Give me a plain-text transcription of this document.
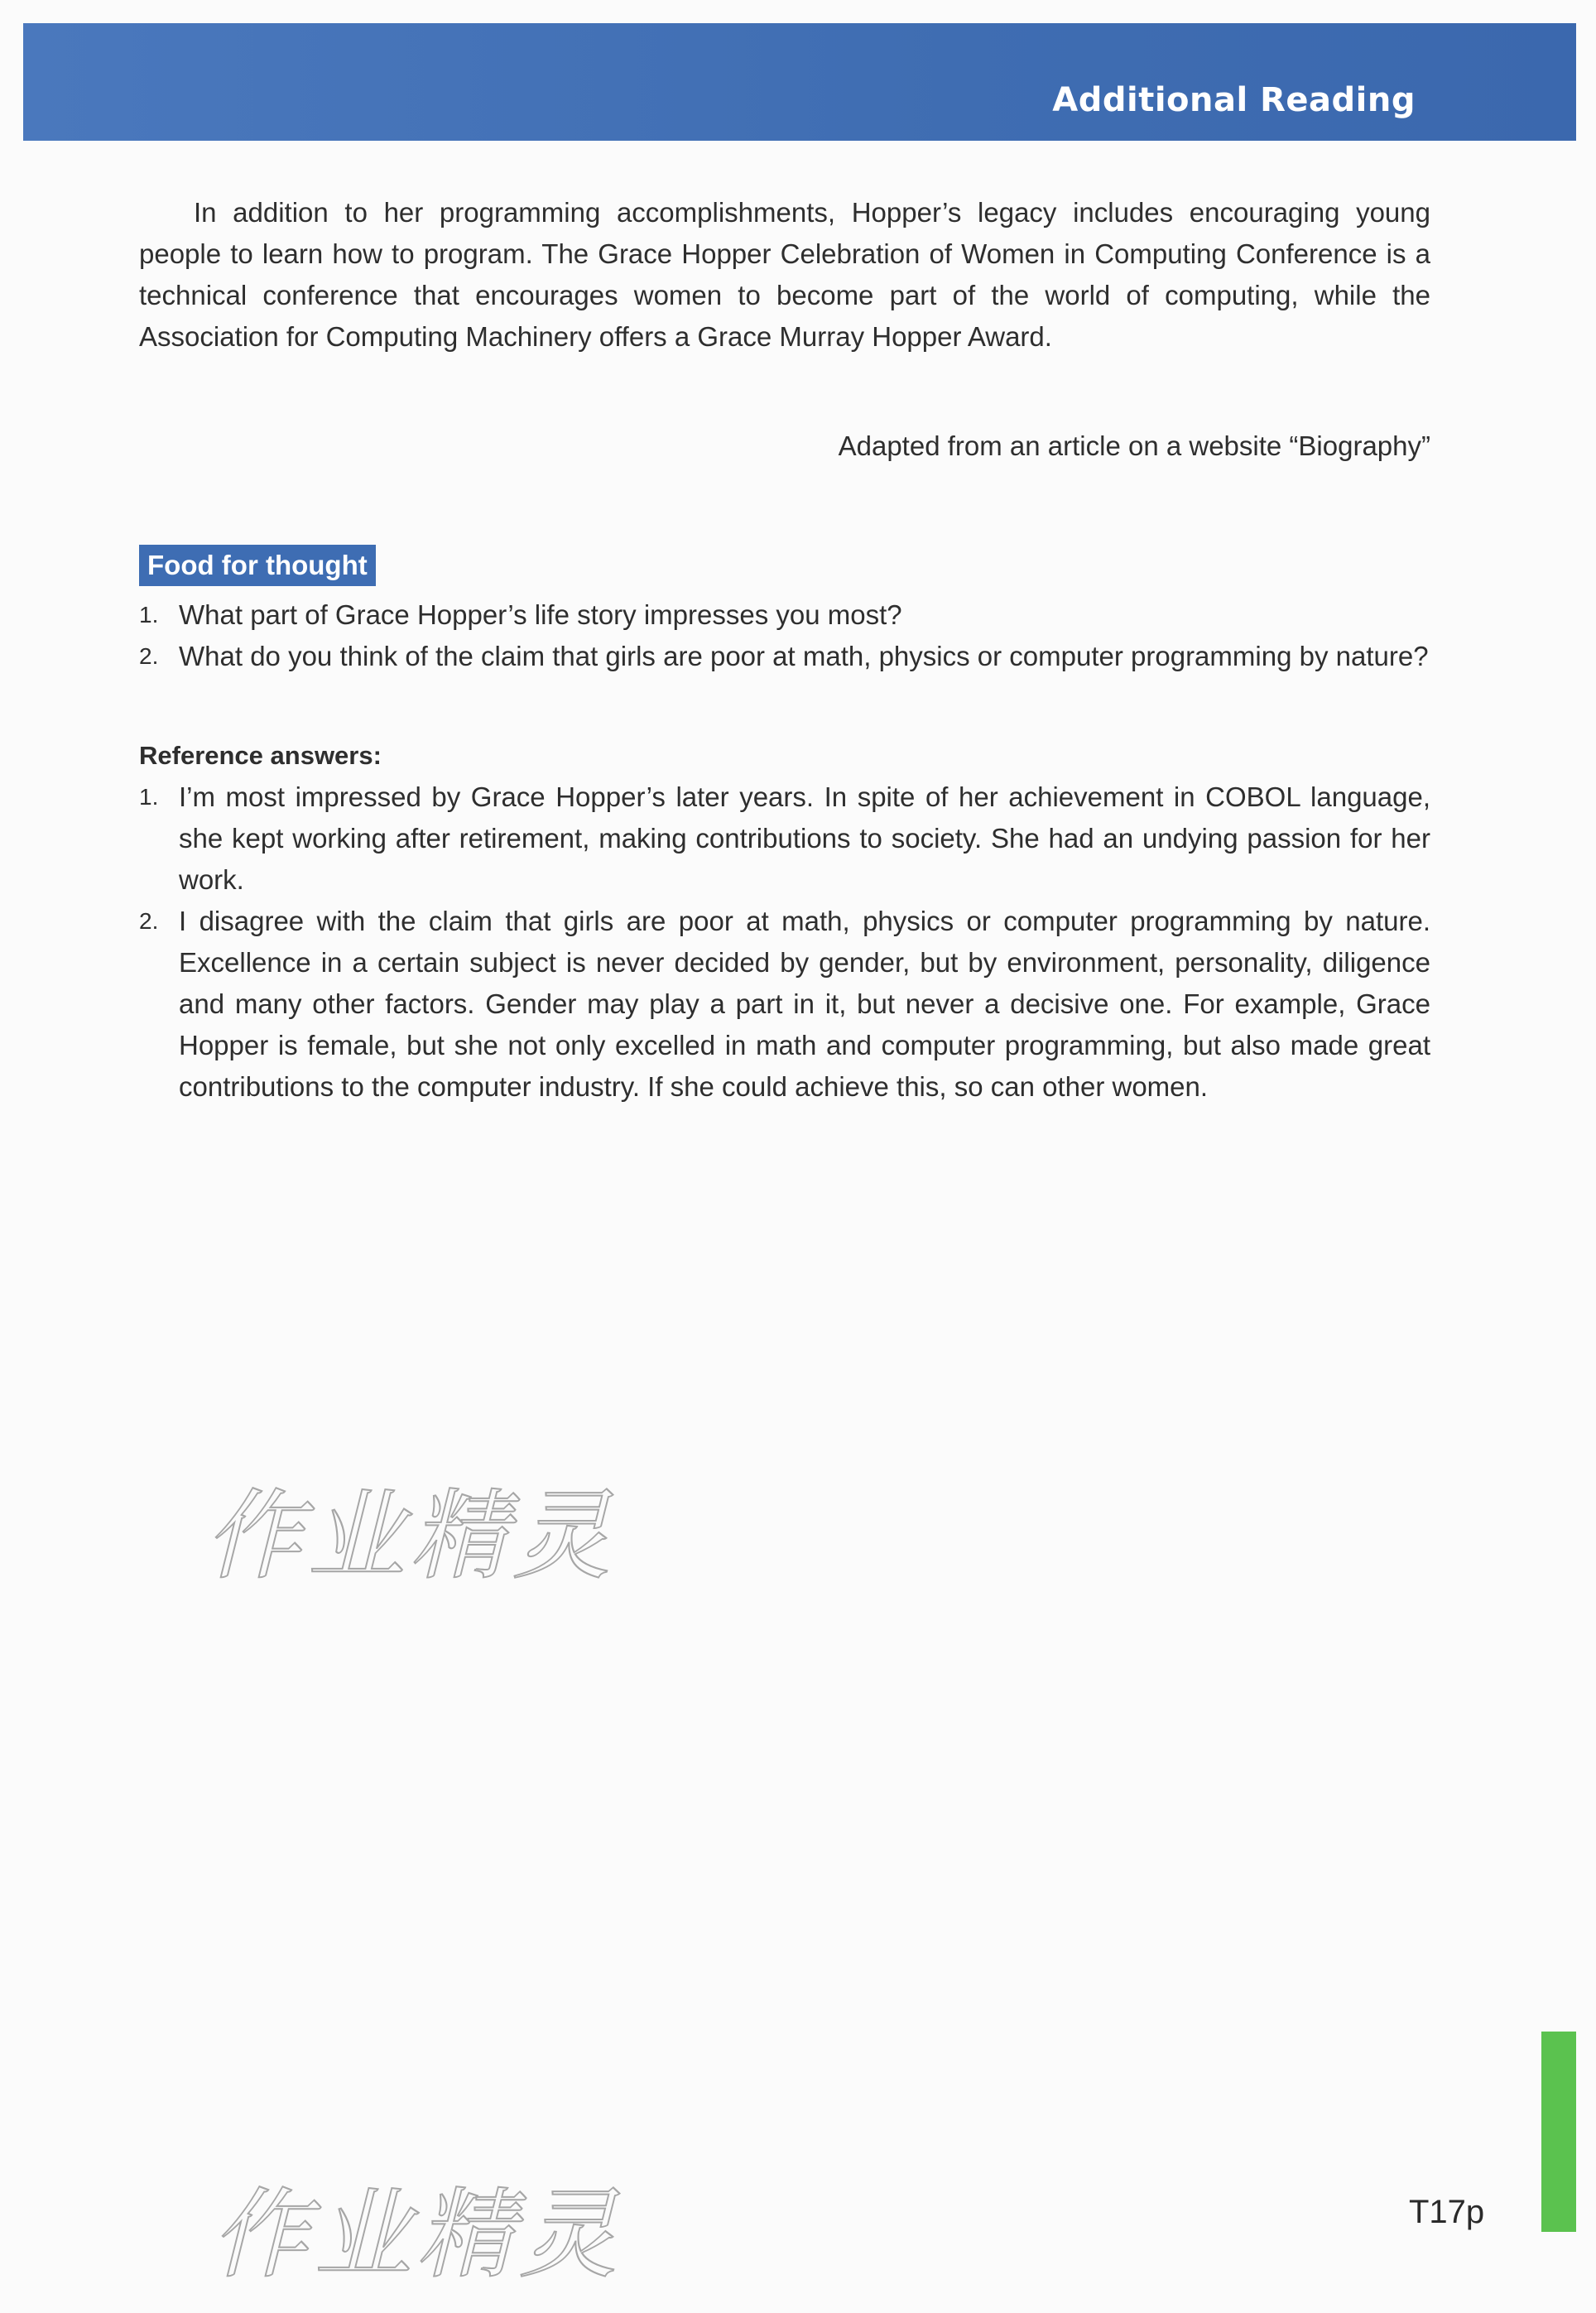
Additional Reading
In addition to her programming accomplishments, Hopper’s legacy includes encouraging young people to learn how to program. The Grace Hopper Celebration of Women in Computing Conference is a technical conference that encourages women to become part of the world of computing, while the Association for Computing Machinery offers a Grace Murray Hopper Award.
Adapted from an article on a website “Biography”
Food for thought
1. What part of Grace Hopper’s life story impresses you most?
2. What do you think of the claim that girls are poor at math, physics or computer programming by nature?
Reference answers:
1. I’m most impressed by Grace Hopper’s later years. In spite of her achievement in COBOL language, she kept working after retirement, making contributions to society. She had an undying passion for her work.
2. I disagree with the claim that girls are poor at math, physics or computer programming by nature. Excellence in a certain subject is never decided by gender, but by environment, personality, diligence and many other factors. Gender may play a part in it, but never a decisive one. For example, Grace Hopper is female, but she not only excelled in math and computer programming, but also made great contributions to the computer industry. If she could achieve this, so can other women.
作业精灵
作业精灵	T17p
